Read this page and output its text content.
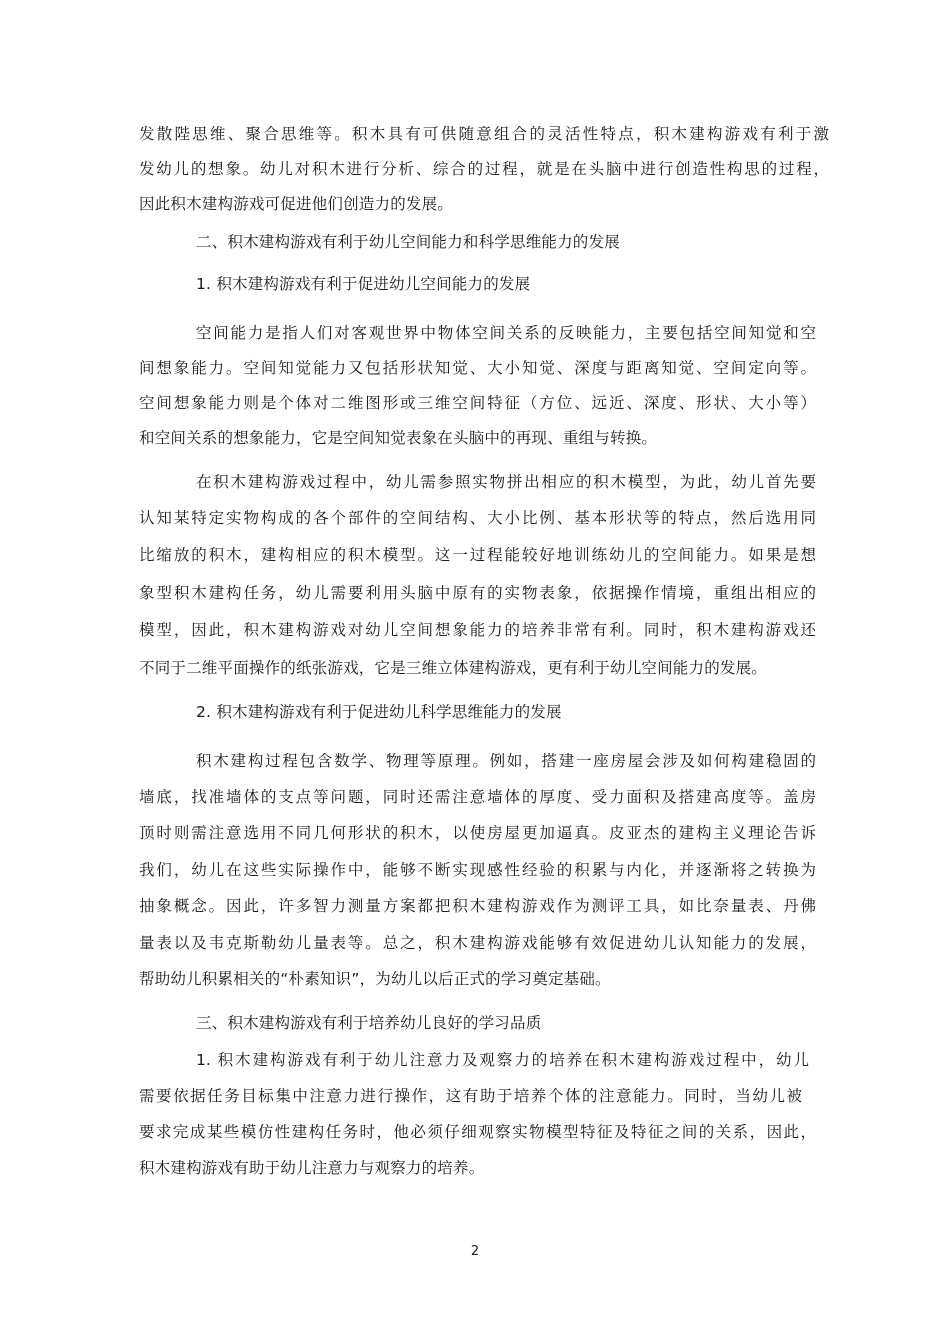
发散陛思维、聚合思维等。积木具有可供随意组合的灵活性特点，积木建构游戏有利于激
发幼儿的想象。幼儿对积木进行分析、综合的过程，就是在头脑中进行创造性构思的过程，
因此积木建构游戏可促进他们创造力的发展。
二、积木建构游戏有利于幼儿空间能力和科学思维能力的发展
1. 积木建构游戏有利于促进幼儿空间能力的发展
空间能力是指人们对客观世界中物体空间关系的反映能力，主要包括空间知觉和空
间想象能力。空间知觉能力又包括形状知觉、大小知觉、深度与距离知觉、空间定向等。
空间想象能力则是个体对二维图形或三维空间特征（方位、远近、深度、形状、大小等）
和空间关系的想象能力，它是空间知觉表象在头脑中的再现、重组与转换。
在积木建构游戏过程中，幼儿需参照实物拼出相应的积木模型，为此，幼儿首先要
认知某特定实物构成的各个部件的空间结构、大小比例、基本形状等的特点，然后选用同
比缩放的积木，建构相应的积木模型。这一过程能较好地训练幼儿的空间能力。如果是想
象型积木建构任务，幼儿需要利用头脑中原有的实物表象，依据操作情境，重组出相应的
模型，因此，积木建构游戏对幼儿空间想象能力的培养非常有利。同时，积木建构游戏还
不同于二维平面操作的纸张游戏，它是三维立体建构游戏，更有利于幼儿空间能力的发展。
2. 积木建构游戏有利于促进幼儿科学思维能力的发展
积木建构过程包含数学、物理等原理。例如，搭建一座房屋会涉及如何构建稳固的
墙底，找准墙体的支点等问题，同时还需注意墙体的厚度、受力面积及搭建高度等。盖房
顶时则需注意选用不同几何形状的积木，以使房屋更加逼真。皮亚杰的建构主义理论告诉
我们，幼儿在这些实际操作中，能够不断实现感性经验的积累与内化，并逐渐将之转换为
抽象概念。因此，许多智力测量方案都把积木建构游戏作为测评工具，如比奈量表、丹佛
量表以及韦克斯勒幼儿量表等。总之，积木建构游戏能够有效促进幼儿认知能力的发展，
帮助幼儿积累相关的“朴素知识”，为幼儿以后正式的学习奠定基础。
三、积木建构游戏有利于培养幼儿良好的学习品质
1. 积木建构游戏有利于幼儿注意力及观察力的培养在积木建构游戏过程中，幼儿
需要依据任务目标集中注意力进行操作，这有助于培养个体的注意能力。同时，当幼儿被
要求完成某些模仿性建构任务时，他必须仔细观察实物模型特征及特征之间的关系，因此，
积木建构游戏有助于幼儿注意力与观察力的培养。
2
